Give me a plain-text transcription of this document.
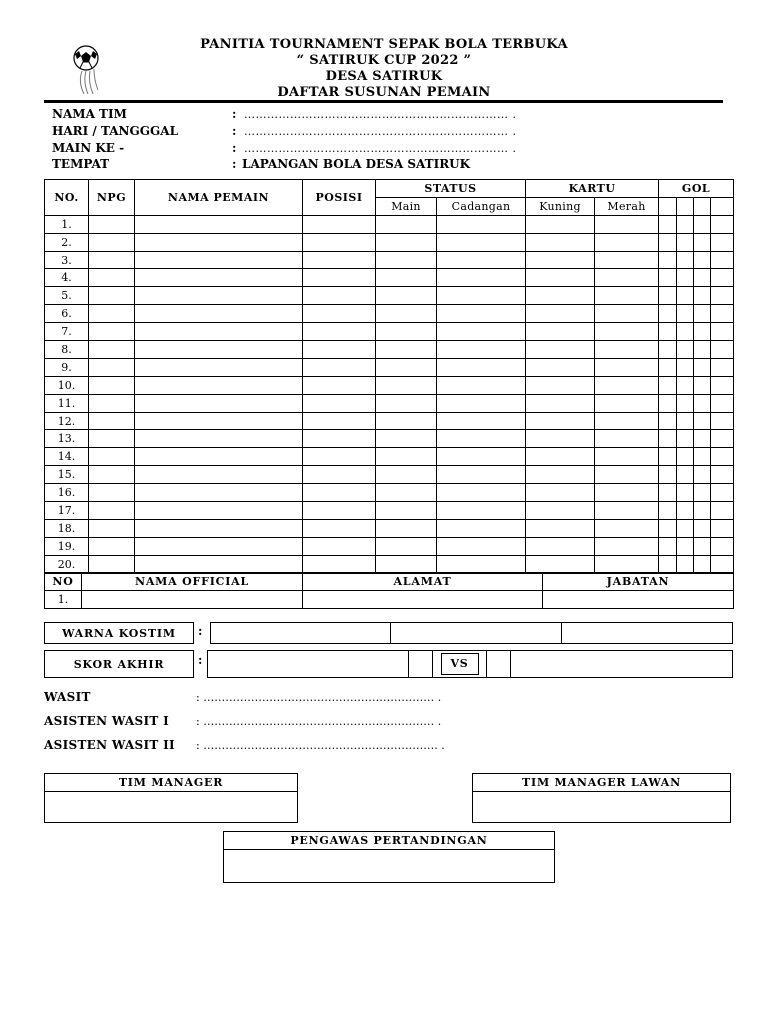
PANITIA TOURNAMENT SEPAK BOLA TERBUKA
“ SATIRUK CUP 2022 ”
DESA SATIRUK
DAFTAR SUSUNAN PEMAIN
NAMA TIM	: …………………………………………………………… .
HARI / TANGGGAL	: …………………………………………………………… .
MAIN KE -	: …………………………………………………………… .
TEMPAT	: LAPANGAN BOLA DESA SATIRUK
NO.	NPG	NAMA PEMAIN	POSISI	STATUS		KARTU		GOL			
				Main	Cadangan	Kuning	Merah				
1.											
2.											
3.											
4.											
5.											
6.											
7.											
8.											
9.											
10.											
11.											
12.											
13.											
14.											
15.											
16.											
17.											
18.											
19.											
20.											
NO	NAMA OFFICIAL	ALAMAT	JABATAN
1.			
WARNA KOSTIM	:
SKOR AKHIR	:	VS
WASIT	: ……………………………………………………… .
ASISTEN WASIT I : ……………………………………………………… .
ASISTEN WASIT II : ………………………………………………………. .
TIM MANAGER	TIM MANAGER LAWAN
PENGAWAS PERTANDINGAN
